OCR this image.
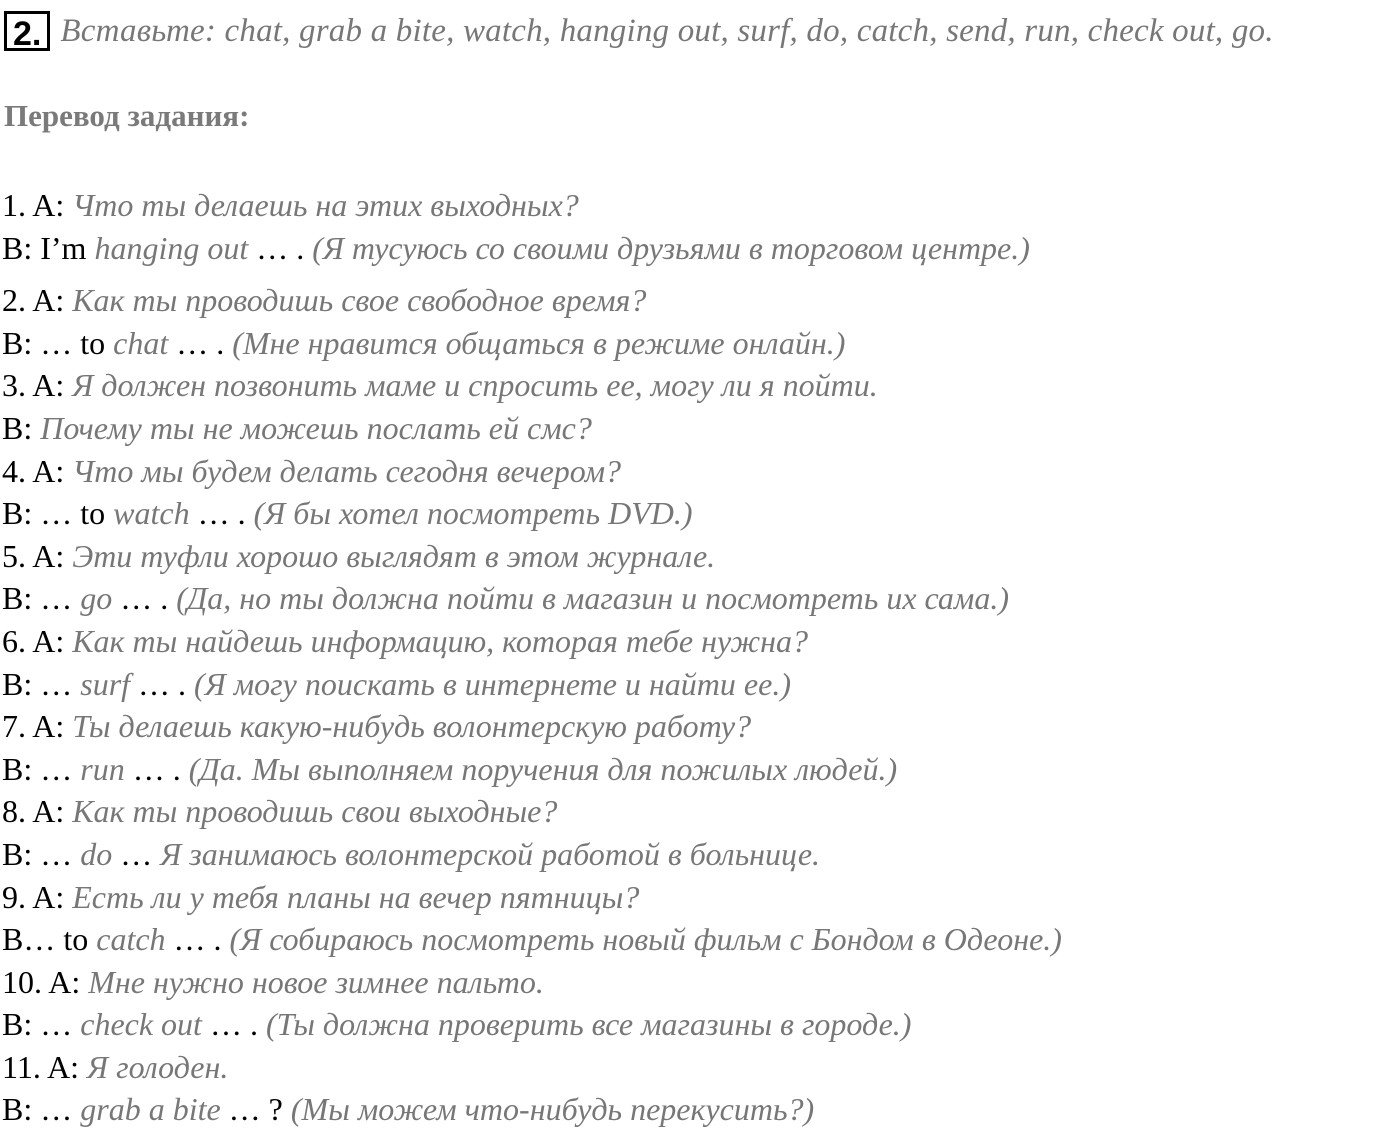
2. Вставьте: chat, grab a bite, watch, hanging out, surf, do, catch, send, run, check out, go.
Перевод задания:
1. A: Что ты делаешь на этих выходных?
B: I’m hanging out … . (Я тусуюсь со своими друзьями в торговом центре.)
2. A: Как ты проводишь свое свободное время?
B: … to chat … . (Мне нравится общаться в режиме онлайн.)
3. A: Я должен позвонить маме и спросить ее, могу ли я пойти.
B: Почему ты не можешь послать ей смс?
4. A: Что мы будем делать сегодня вечером?
B: … to watch … . (Я бы хотел посмотреть DVD.)
5. A: Эти туфли хорошо выглядят в этом журнале.
B: … go … . (Да, но ты должна пойти в магазин и посмотреть их сама.)
6. A: Как ты найдешь информацию, которая тебе нужна?
B: … surf … . (Я могу поискать в интернете и найти ее.)
7. A: Ты делаешь какую-нибудь волонтерскую работу?
B: … run … . (Да. Мы выполняем поручения для пожилых людей.)
8. A: Как ты проводишь свои выходные?
B: … do … Я занимаюсь волонтерской работой в больнице.
9. A: Есть ли у тебя планы на вечер пятницы?
B… to catch … . (Я собираюсь посмотреть новый фильм с Бондом в Одеоне.)
10. A: Мне нужно новое зимнее пальто.
B: … check out … . (Ты должна проверить все магазины в городе.)
11. A: Я голоден.
B: … grab a bite … ? (Мы можем что-нибудь перекусить?)
